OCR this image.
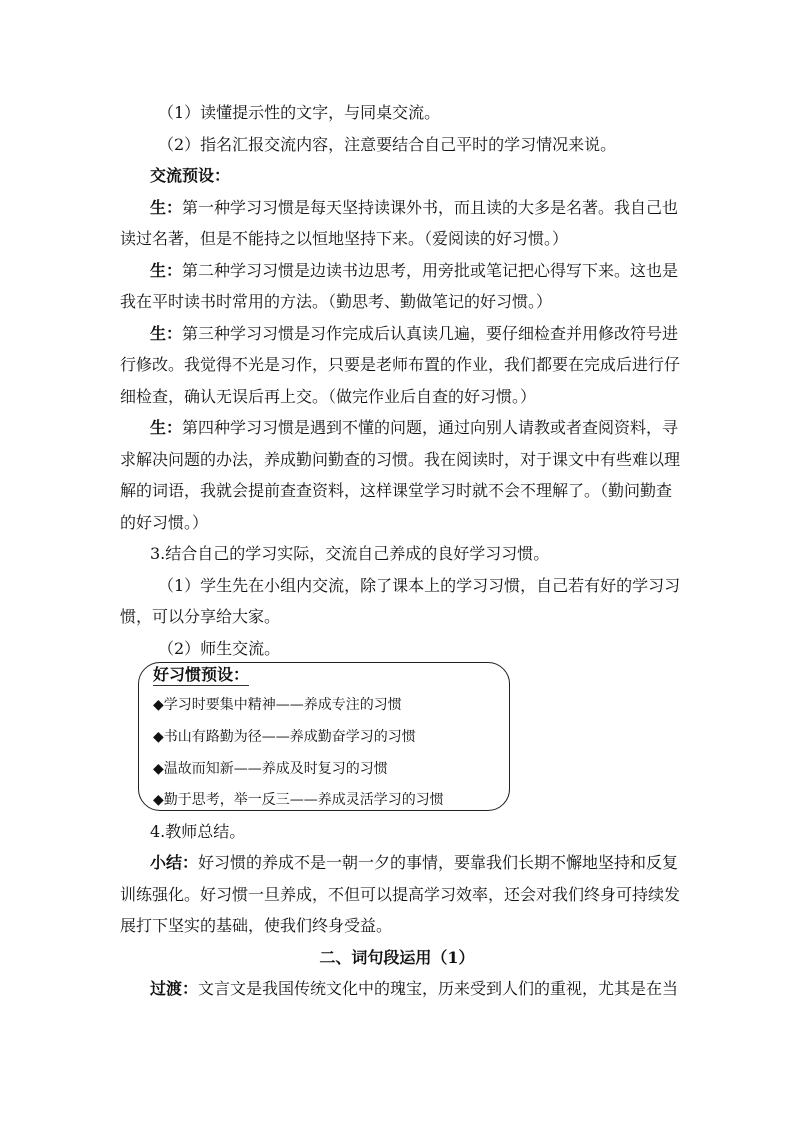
（1）读懂提示性的文字，与同桌交流。
（2）指名汇报交流内容，注意要结合自己平时的学习情况来说。
交流预设：
生：第一种学习习惯是每天坚持读课外书，而且读的大多是名著。我自己也
读过名著，但是不能持之以恒地坚持下来。（爱阅读的好习惯。）
生：第二种学习习惯是边读书边思考，用旁批或笔记把心得写下来。这也是
我在平时读书时常用的方法。（勤思考、勤做笔记的好习惯。）
生：第三种学习习惯是习作完成后认真读几遍，要仔细检查并用修改符号进
行修改。我觉得不光是习作，只要是老师布置的作业，我们都要在完成后进行仔
细检查，确认无误后再上交。（做完作业后自查的好习惯。）
生：第四种学习习惯是遇到不懂的问题，通过向别人请教或者查阅资料，寻
求解决问题的办法，养成勤问勤查的习惯。我在阅读时，对于课文中有些难以理
解的词语，我就会提前查查资料，这样课堂学习时就不会不理解了。（勤问勤查
的好习惯。）
3.结合自己的学习实际，交流自己养成的良好学习习惯。
（1）学生先在小组内交流，除了课本上的学习习惯，自己若有好的学习习
惯，可以分享给大家。
（2）师生交流。
好习惯预设：
◆学习时要集中精神——养成专注的习惯
◆书山有路勤为径——养成勤奋学习的习惯
◆温故而知新——养成及时复习的习惯
◆勤于思考，举一反三——养成灵活学习的习惯
4.教师总结。
小结：好习惯的养成不是一朝一夕的事情，要靠我们长期不懈地坚持和反复
训练强化。好习惯一旦养成，不但可以提高学习效率，还会对我们终身可持续发
展打下坚实的基础，使我们终身受益。
二、词句段运用（1）
过渡：文言文是我国传统文化中的瑰宝，历来受到人们的重视，尤其是在当
